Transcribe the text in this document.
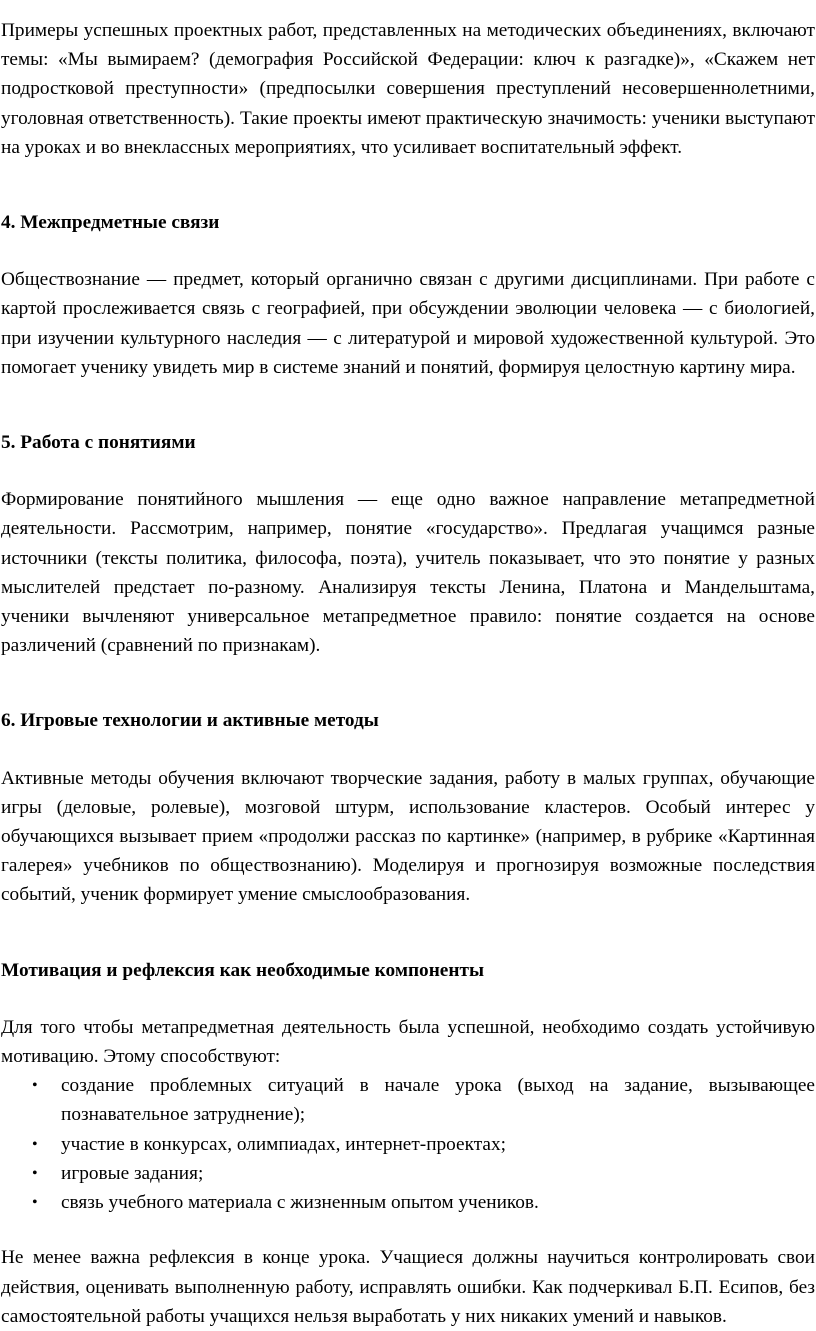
Примеры успешных проектных работ, представленных на методических объединениях, включают темы: «Мы вымираем? (демография Российской Федерации: ключ к разгадке)», «Скажем нет подростковой преступности» (предпосылки совершения преступлений несовершеннолетними, уголовная ответственность). Такие проекты имеют практическую значимость: ученики выступают на уроках и во внеклассных мероприятиях, что усиливает воспитательный эффект.

4. Межпредметные связи

Обществознание — предмет, который органично связан с другими дисциплинами. При работе с картой прослеживается связь с географией, при обсуждении эволюции человека — с биологией, при изучении культурного наследия — с литературой и мировой художественной культурой. Это помогает ученику увидеть мир в системе знаний и понятий, формируя целостную картину мира.

5. Работа с понятиями

Формирование понятийного мышления — еще одно важное направление метапредметной деятельности. Рассмотрим, например, понятие «государство». Предлагая учащимся разные источники (тексты политика, философа, поэта), учитель показывает, что это понятие у разных мыслителей предстает по-разному. Анализируя тексты Ленина, Платона и Мандельштама, ученики вычленяют универсальное метапредметное правило: понятие создается на основе различений (сравнений по признакам).

6. Игровые технологии и активные методы

Активные методы обучения включают творческие задания, работу в малых группах, обучающие игры (деловые, ролевые), мозговой штурм, использование кластеров. Особый интерес у обучающихся вызывает прием «продолжи рассказ по картинке» (например, в рубрике «Картинная галерея» учебников по обществознанию). Моделируя и прогнозируя возможные последствия событий, ученик формирует умение смыслообразования.

Мотивация и рефлексия как необходимые компоненты

Для того чтобы метапредметная деятельность была успешной, необходимо создать устойчивую мотивацию. Этому способствуют:

• создание проблемных ситуаций в начале урока (выход на задание, вызывающее познавательное затруднение);
• участие в конкурсах, олимпиадах, интернет-проектах;
• игровые задания;
• связь учебного материала с жизненным опытом учеников.

Не менее важна рефлексия в конце урока. Учащиеся должны научиться контролировать свои действия, оценивать выполненную работу, исправлять ошибки. Как подчеркивал Б.П. Есипов, без самостоятельной работы учащихся нельзя выработать у них никаких умений и навыков.
